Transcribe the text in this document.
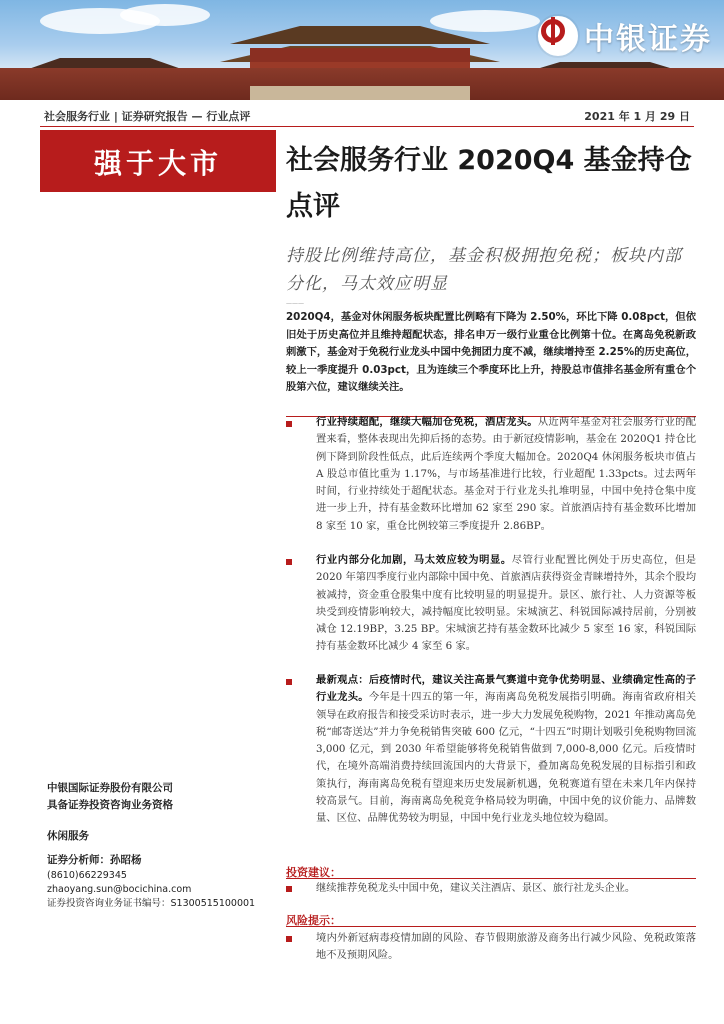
中银证券
社会服务行业 | 证券研究报告 — 行业点评	2021 年 1 月 29 日
强于大市	社会服务行业 2020Q4 基金持仓点评
持股比例维持高位，基金积极拥抱免税；板块内部分化，马太效应明显
———
2020Q4，基金对休闲服务板块配置比例略有下降为 2.50%，环比下降 0.08pct，但依旧处于历史高位并且维持超配状态，排名申万一级行业重仓比例第十位。在离岛免税新政刺激下，基金对于免税行业龙头中国中免拥团力度不减，继续增持至 2.25%的历史高位，较上一季度提升 0.03pct，且为连续三个季度环比上升，持股总市值排名基金所有重仓个股第六位，建议继续关注。
行业持续超配，继续大幅加仓免税，酒店龙头。从近两年基金对社会服务行业的配置来看，整体表现出先抑后扬的态势。由于新冠疫情影响，基金在 2020Q1 持仓比例下降到阶段性低点，此后连续两个季度大幅加仓。2020Q4 休闲服务板块市值占 A 股总市值比重为 1.17%，与市场基准进行比较，行业超配 1.33pcts。过去两年时间，行业持续处于超配状态。基金对于行业龙头扎堆明显，中国中免持仓集中度进一步上升，持有基金数环比增加 62 家至 290 家。首旅酒店持有基金数环比增加 8 家至 10 家，重仓比例较第三季度提升 2.86BP。
行业内部分化加剧，马太效应较为明显。尽管行业配置比例处于历史高位，但是 2020 年第四季度行业内部除中国中免、首旅酒店获得资金青睐增持外，其余个股均被减持，资金重仓股集中度有比较明显的明显提升。景区、旅行社、人力资源等板块受到疫情影响较大，减持幅度比较明显。宋城演艺、科锐国际减持居前，分别被减仓 12.19BP，3.25 BP。宋城演艺持有基金数环比减少 5 家至 16 家，科锐国际持有基金数环比减少 4 家至 6 家。
最新观点：后疫情时代，建议关注高景气赛道中竞争优势明显、业绩确定性高的子行业龙头。今年是十四五的第一年，海南离岛免税发展指引明确。海南省政府相关领导在政府报告和接受采访时表示，进一步大力发展免税购物，2021 年推动离岛免税“邮寄送达”并力争免税销售突破 600 亿元，“十四五”时期计划吸引免税购物回流 3,000 亿元，到 2030 年希望能够将免税销售做到 7,000-8,000 亿元。后疫情时代，在境外高端消费持续回流国内的大背景下，叠加离岛免税发展的目标指引和政策执行，海南离岛免税有望迎来历史发展新机遇，免税赛道有望在未来几年内保持较高景气。目前，海南离岛免税竞争格局较为明确，中国中免的议价能力、品牌数量、区位、品牌优势较为明显，中国中免行业龙头地位较为稳固。
投资建议：
继续推荐免税龙头中国中免，建议关注酒店、景区、旅行社龙头企业。
风险提示：
境内外新冠病毒疫情加剧的风险、春节假期旅游及商务出行减少风险、免税政策落地不及预期风险。
中银国际证券股份有限公司
具备证券投资咨询业务资格
休闲服务
证券分析师：孙昭杨
(8610)66229345
zhaoyang.sun@bocichina.com
证券投资咨询业务证书编号：S1300515100001
